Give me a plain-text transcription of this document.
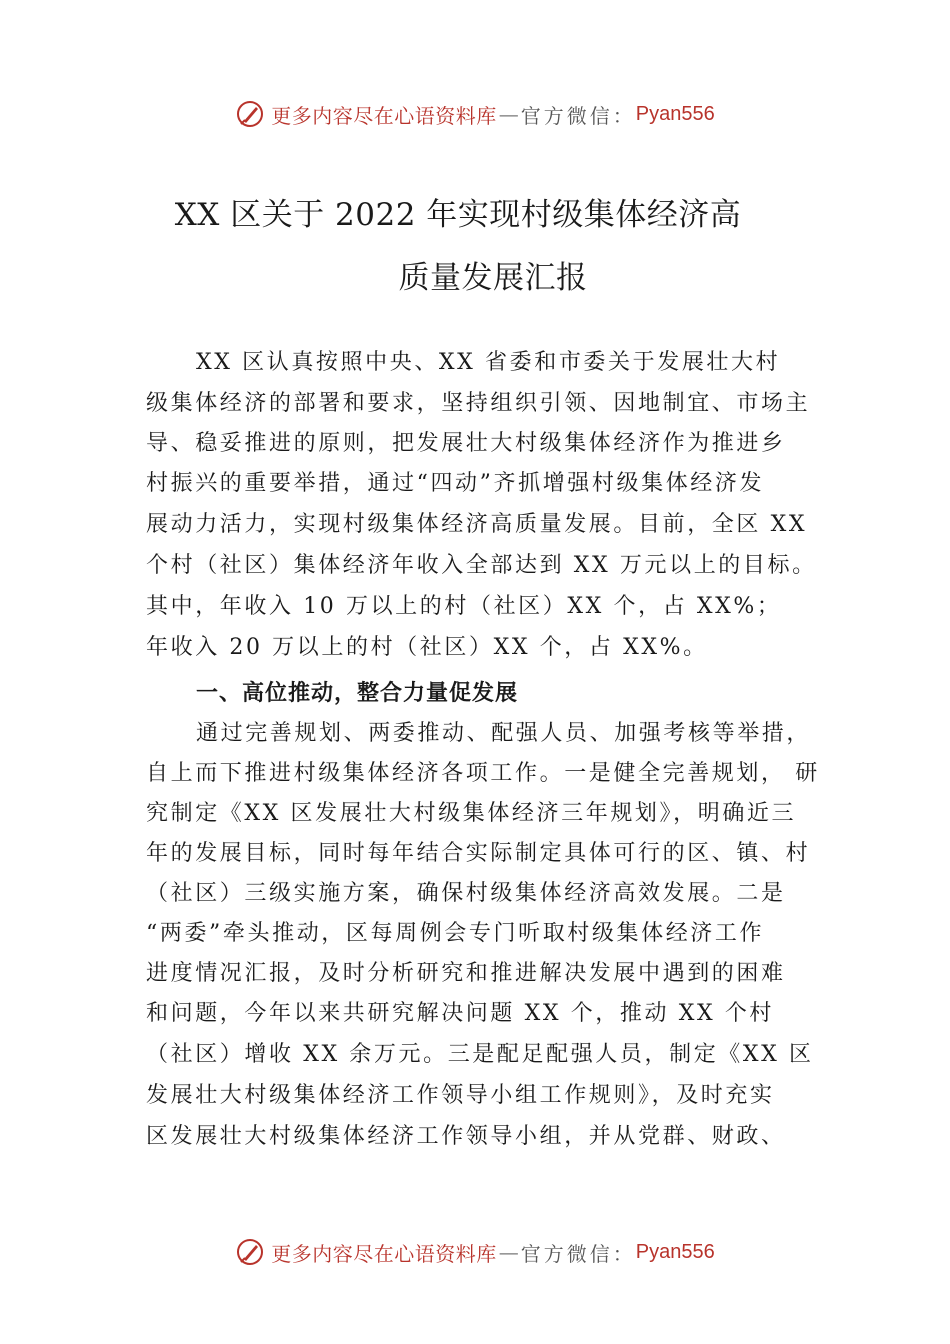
更多内容尽在心语资料库 — 官方微信： Pyan556
XX 区关于 2022 年实现村级集体经济高
质量发展汇报
XX 区认真按照中央、XX 省委和市委关于发展壮大村
级集体经济的部署和要求，坚持组织引领、因地制宜、市场主
导、稳妥推进的原则，把发展壮大村级集体经济作为推进乡
村振兴的重要举措，通过“四动”齐抓增强村级集体经济发
展动力活力，实现村级集体经济高质量发展。目前，全区 XX
个村（社区）集体经济年收入全部达到 XX 万元以上的目标。
其中，年收入 10 万以上的村（社区）XX 个，占 XX%；
年收入 20 万以上的村（社区）XX 个，占 XX%。
一、高位推动，整合力量促发展
通过完善规划、两委推动、配强人员、加强考核等举措，
自上而下推进村级集体经济各项工作。一是健全完善规划， 研
究制定《XX 区发展壮大村级集体经济三年规划》，明确近三
年的发展目标，同时每年结合实际制定具体可行的区、镇、村
（社区）三级实施方案，确保村级集体经济高效发展。二是
“两委”牵头推动，区每周例会专门听取村级集体经济工作
进度情况汇报，及时分析研究和推进解决发展中遇到的困难
和问题，今年以来共研究解决问题 XX 个，推动 XX 个村
（社区）增收 XX 余万元。三是配足配强人员，制定《XX 区
发展壮大村级集体经济工作领导小组工作规则》，及时充实
区发展壮大村级集体经济工作领导小组，并从党群、财政、
更多内容尽在心语资料库 — 官方微信： Pyan556
